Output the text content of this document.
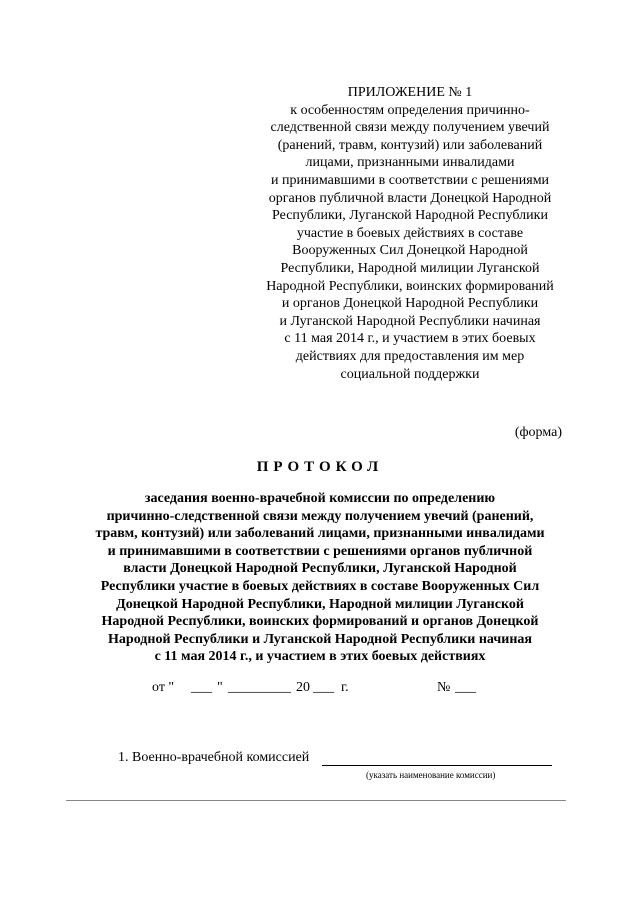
ПРИЛОЖЕНИЕ № 1
к особенностям определения причинно-
следственной связи между получением увечий
(ранений, травм, контузий) или заболеваний
лицами, признанными инвалидами
и принимавшими в соответствии с решениями
органов публичной власти Донецкой Народной
Республики, Луганской Народной Республики
участие в боевых действиях в составе
Вооруженных Сил Донецкой Народной
Республики, Народной милиции Луганской
Народной Республики, воинских формирований
и органов Донецкой Народной Республики
и Луганской Народной Республики начиная
с 11 мая 2014 г., и участием в этих боевых
действиях для предоставления им мер
социальной поддержки
(форма)
ПРОТОКОЛ
заседания военно-врачебной комиссии по определению
причинно-следственной связи между получением увечий (ранений,
травм, контузий) или заболеваний лицами, признанными инвалидами
и принимавшими в соответствии с решениями органов публичной
власти Донецкой Народной Республики, Луганской Народной
Республики участие в боевых действиях в составе Вооруженных Сил
Донецкой Народной Республики, Народной милиции Луганской
Народной Республики, воинских формирований и органов Донецкой
Народной Республики и Луганской Народной Республики начиная
с 11 мая 2014 г., и участием в этих боевых действиях
от " ___ " _________ 20 ___ г.	№ ___
1. Военно-врачебной комиссией
(указать наименование комиссии)
